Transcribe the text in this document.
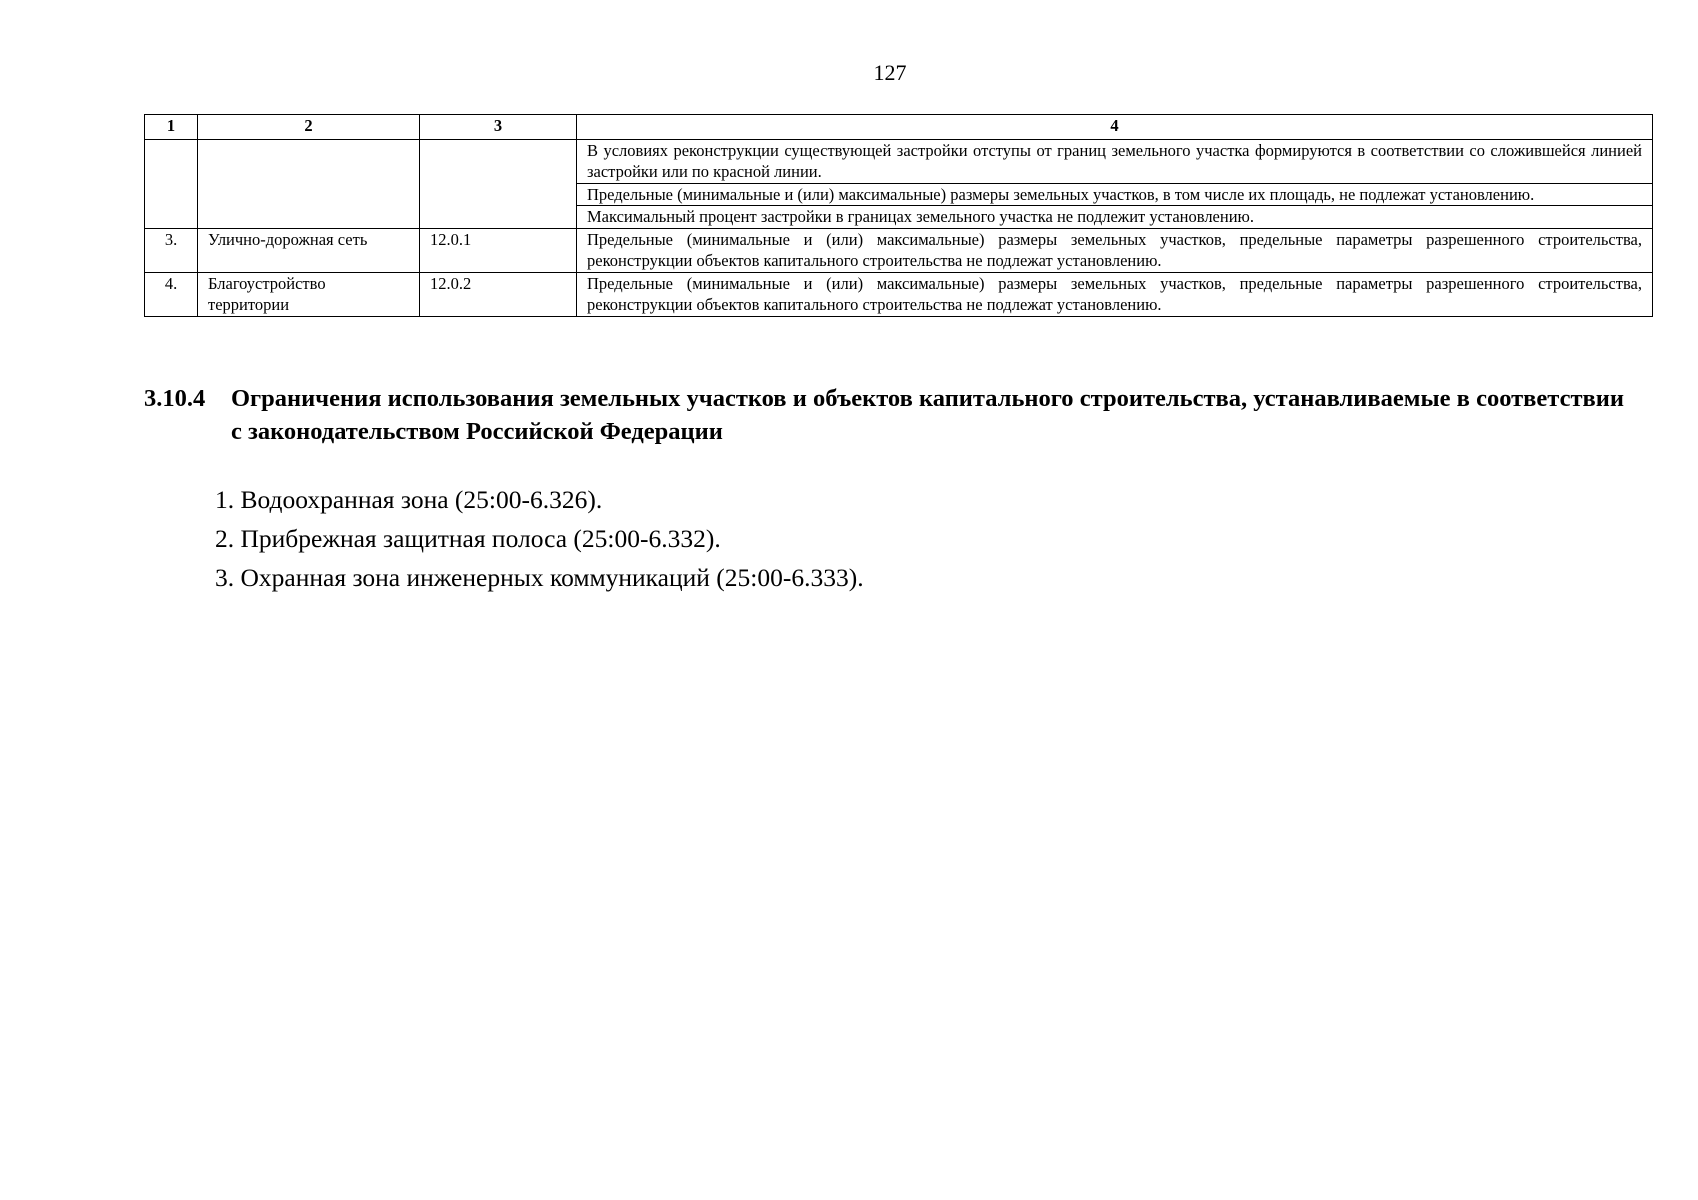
127
1	2	3	4
			В условиях реконструкции существующей застройки отступы от границ земельного участка формируются в соответствии со сложившейся линией застройки или по красной линии.
			Предельные (минимальные и (или) максимальные) размеры земельных участков, в том числе их площадь, не подлежат установлению.
			Максимальный процент застройки в границах земельного участка не подлежит установлению.
3.	Улично-дорожная сеть	12.0.1	Предельные (минимальные и (или) максимальные) размеры земельных участков, предельные параметры разрешенного строительства, реконструкции объектов капитального строительства не подлежат установлению.
4.	Благоустройство территории	12.0.2	Предельные (минимальные и (или) максимальные) размеры земельных участков, предельные параметры разрешенного строительства, реконструкции объектов капитального строительства не подлежат установлению.
3.10.4 Ограничения использования земельных участков и объектов капитального строительства, устанавливаемые в соответствии с законодательством Российской Федерации
1. Водоохранная зона (25:00-6.326).
2. Прибрежная защитная полоса (25:00-6.332).
3. Охранная зона инженерных коммуникаций (25:00-6.333).
